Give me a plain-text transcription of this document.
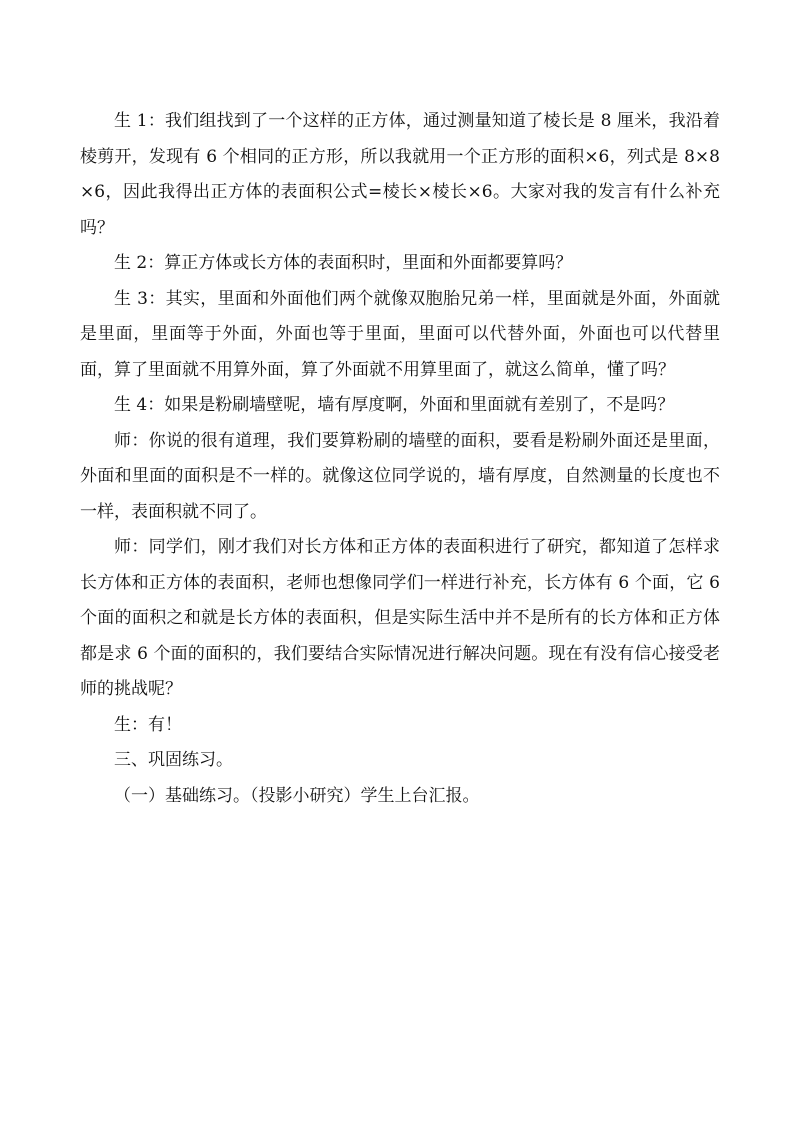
生 1：我们组找到了一个这样的正方体，通过测量知道了棱长是 8 厘米，我沿着棱剪开，发现有 6 个相同的正方形，所以我就用一个正方形的面积×6，列式是 8×8×6，因此我得出正方体的表面积公式=棱长×棱长×6。大家对我的发言有什么补充吗？

生 2：算正方体或长方体的表面积时，里面和外面都要算吗？

生 3：其实，里面和外面他们两个就像双胞胎兄弟一样，里面就是外面，外面就是里面，里面等于外面，外面也等于里面，里面可以代替外面，外面也可以代替里面，算了里面就不用算外面，算了外面就不用算里面了，就这么简单，懂了吗？

生 4：如果是粉刷墙壁呢，墙有厚度啊，外面和里面就有差别了，不是吗？

师：你说的很有道理，我们要算粉刷的墙壁的面积，要看是粉刷外面还是里面，外面和里面的面积是不一样的。就像这位同学说的，墙有厚度，自然测量的长度也不一样，表面积就不同了。

师：同学们，刚才我们对长方体和正方体的表面积进行了研究，都知道了怎样求长方体和正方体的表面积，老师也想像同学们一样进行补充，长方体有 6 个面，它 6 个面的面积之和就是长方体的表面积，但是实际生活中并不是所有的长方体和正方体都是求 6 个面的面积的，我们要结合实际情况进行解决问题。现在有没有信心接受老师的挑战呢？

生：有！

三、巩固练习。

（一）基础练习。（投影小研究）学生上台汇报。
